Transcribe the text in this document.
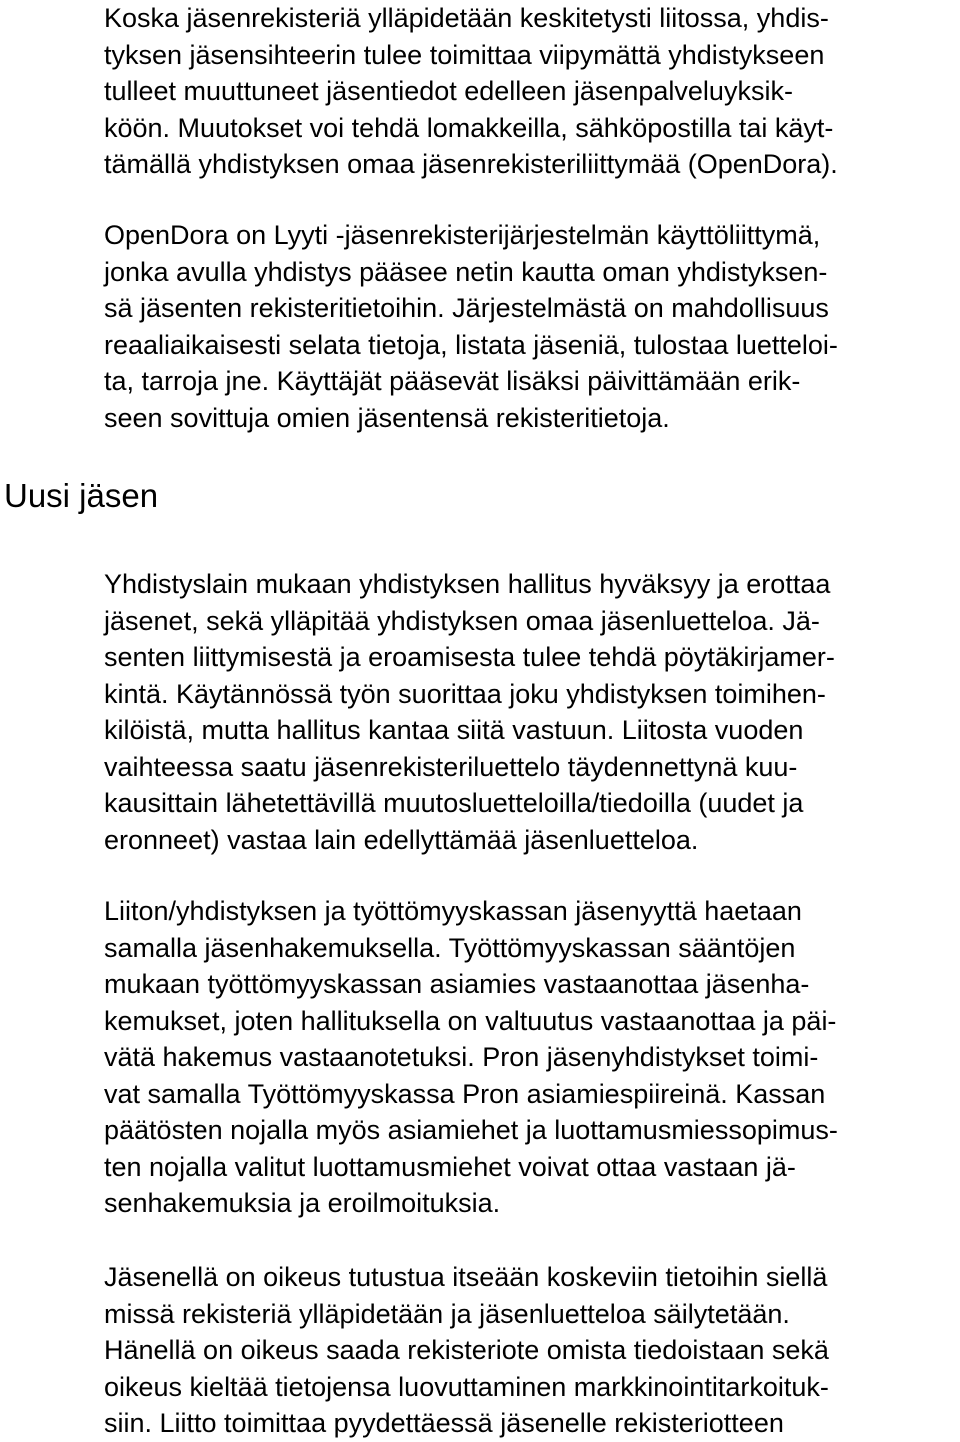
Koska jäsenrekisteriä ylläpidetään keskitetysti liitossa, yhdis-
tyksen jäsensihteerin tulee toimittaa viipymättä yhdistykseen
tulleet muuttuneet jäsentiedot edelleen jäsenpalveluyksik-
köön. Muutokset voi tehdä lomakkeilla, sähköpostilla tai käyt-
tämällä yhdistyksen omaa jäsenrekisteriliittymää (OpenDora).

OpenDora on Lyyti -jäsenrekisterijärjestelmän käyttöliittymä,
jonka avulla yhdistys pääsee netin kautta oman yhdistyksen-
sä jäsenten rekisteritietoihin. Järjestelmästä on mahdollisuus
reaaliaikaisesti selata tietoja, listata jäseniä, tulostaa luetteloi-
ta, tarroja jne. Käyttäjät pääsevät lisäksi päivittämään erik-
seen sovittuja omien jäsentensä rekisteritietoja.

Uusi jäsen

Yhdistyslain mukaan yhdistyksen hallitus hyväksyy ja erottaa
jäsenet, sekä ylläpitää yhdistyksen omaa jäsenluetteloa. Jä-
senten liittymisestä ja eroamisesta tulee tehdä pöytäkirjamer-
kintä. Käytännössä työn suorittaa joku yhdistyksen toimihen-
kilöistä, mutta hallitus kantaa siitä vastuun. Liitosta vuoden
vaihteessa saatu jäsenrekisteriluettelo täydennettynä kuu-
kausittain lähetettävillä muutosluetteloilla/tiedoilla (uudet ja
eronneet) vastaa lain edellyttämää jäsenluetteloa.

Liiton/yhdistyksen ja työttömyyskassan jäsenyyttä haetaan
samalla jäsenhakemuksella. Työttömyyskassan sääntöjen
mukaan työttömyyskassan asiamies vastaanottaa jäsenha-
kemukset, joten hallituksella on valtuutus vastaanottaa ja päi-
vätä hakemus vastaanotetuksi. Pron jäsenyhdistykset toimi-
vat samalla Työttömyyskassa Pron asiamiespiireinä. Kassan
päätösten nojalla myös asiamiehet ja luottamusmiessopimus-
ten nojalla valitut luottamusmiehet voivat ottaa vastaan jä-
senhakemuksia ja eroilmoituksia.

Jäsenellä on oikeus tutustua itseään koskeviin tietoihin siellä
missä rekisteriä ylläpidetään ja jäsenluetteloa säilytetään.
Hänellä on oikeus saada rekisteriote omista tiedoistaan sekä
oikeus kieltää tietojensa luovuttaminen markkinointitarkoituk-
siin. Liitto toimittaa pyydettäessä jäsenelle rekisteriotteen
